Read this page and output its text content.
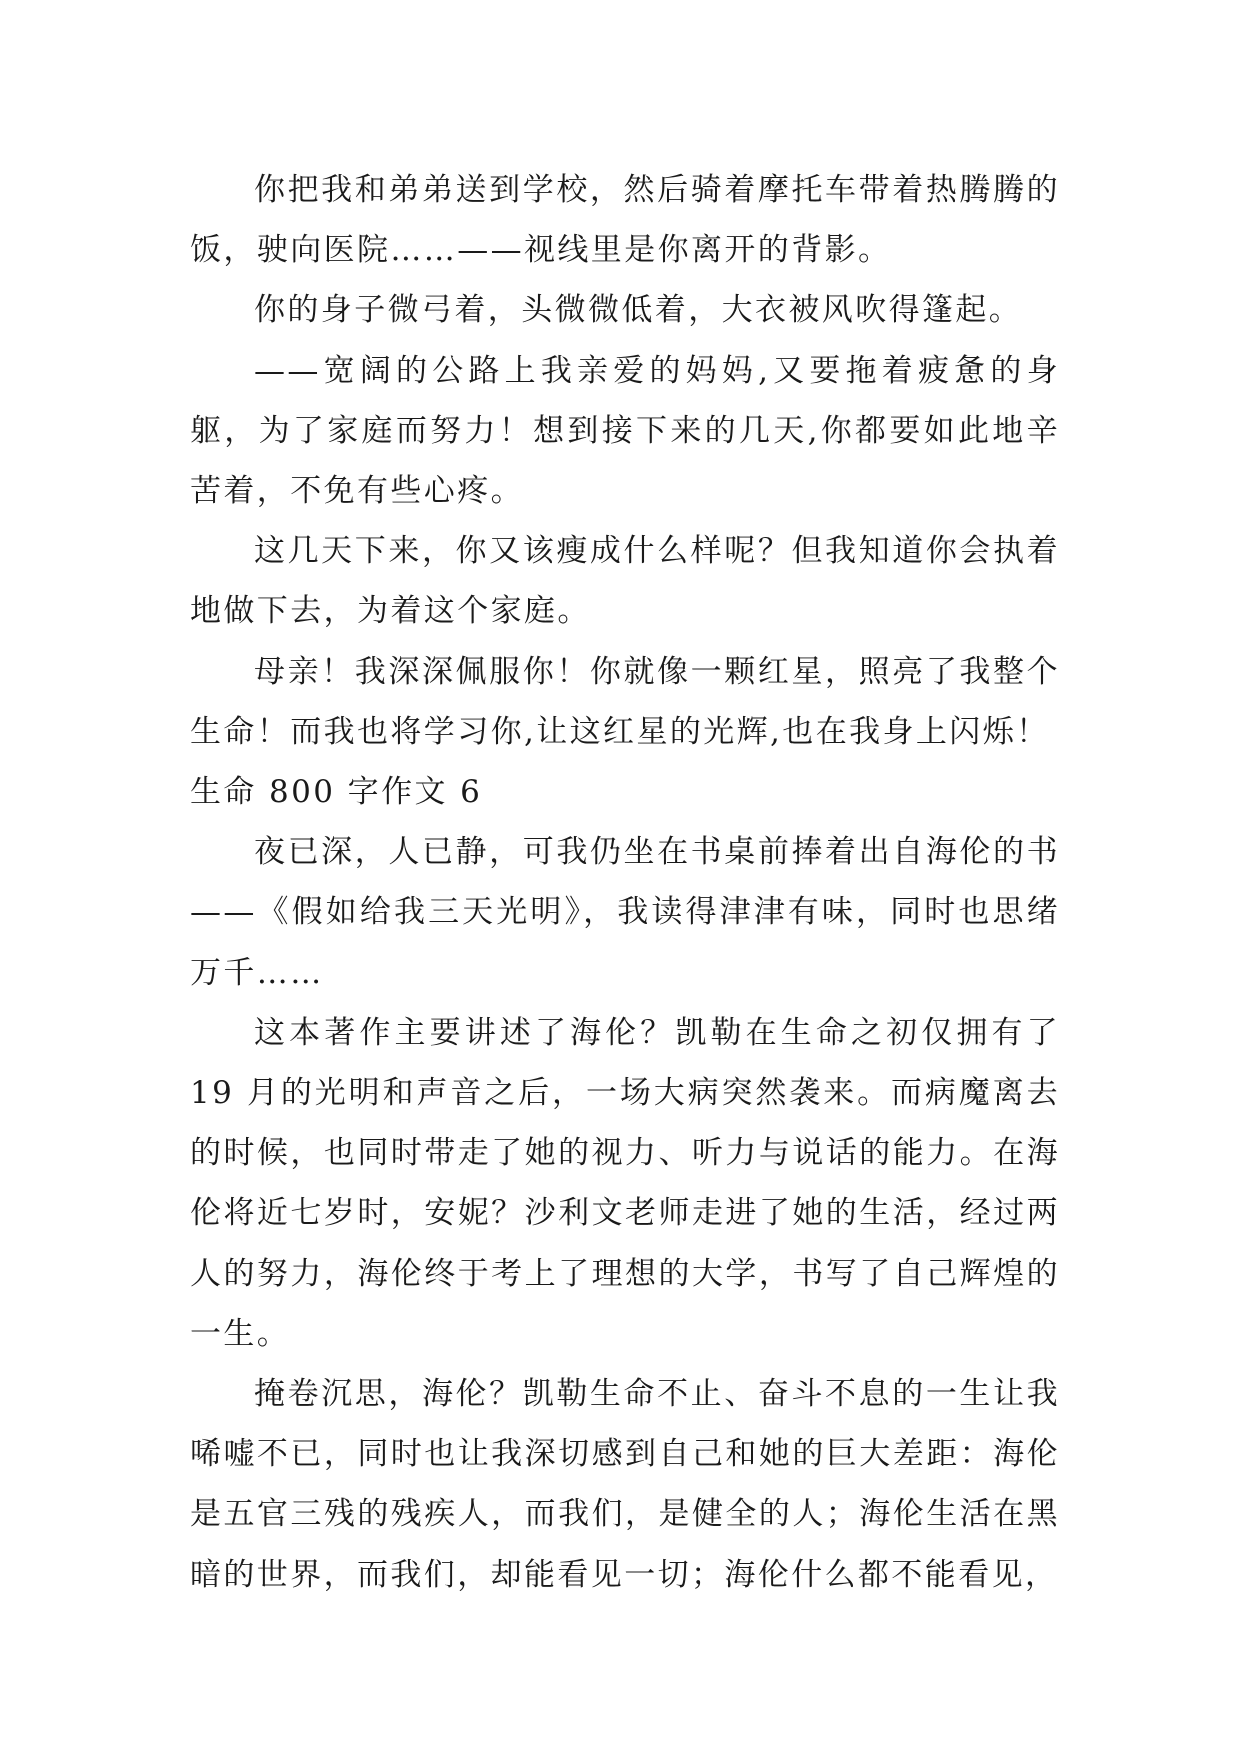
你把我和弟弟送到学校，然后骑着摩托车带着热腾腾的饭，驶向医院……——视线里是你离开的背影。

你的身子微弓着，头微微低着，大衣被风吹得篷起。

——宽阔的公路上我亲爱的妈妈,又要拖着疲惫的身躯，为了家庭而努力！想到接下来的几天,你都要如此地辛苦着，不免有些心疼。

这几天下来，你又该瘦成什么样呢？但我知道你会执着地做下去，为着这个家庭。

母亲！我深深佩服你！你就像一颗红星，照亮了我整个生命！而我也将学习你,让这红星的光辉,也在我身上闪烁！

生命 800 字作文 6

夜已深，人已静，可我仍坐在书桌前捧着出自海伦的书——《假如给我三天光明》，我读得津津有味，同时也思绪万千……

这本著作主要讲述了海伦？凯勒在生命之初仅拥有了19 月的光明和声音之后，一场大病突然袭来。而病魔离去的时候，也同时带走了她的视力、听力与说话的能力。在海伦将近七岁时，安妮？沙利文老师走进了她的生活，经过两人的努力，海伦终于考上了理想的大学，书写了自己辉煌的一生。

掩卷沉思，海伦？凯勒生命不止、奋斗不息的一生让我唏嘘不已，同时也让我深切感到自己和她的巨大差距：海伦是五官三残的残疾人，而我们，是健全的人；海伦生活在黑暗的世界，而我们，却能看见一切；海伦什么都不能看见，
